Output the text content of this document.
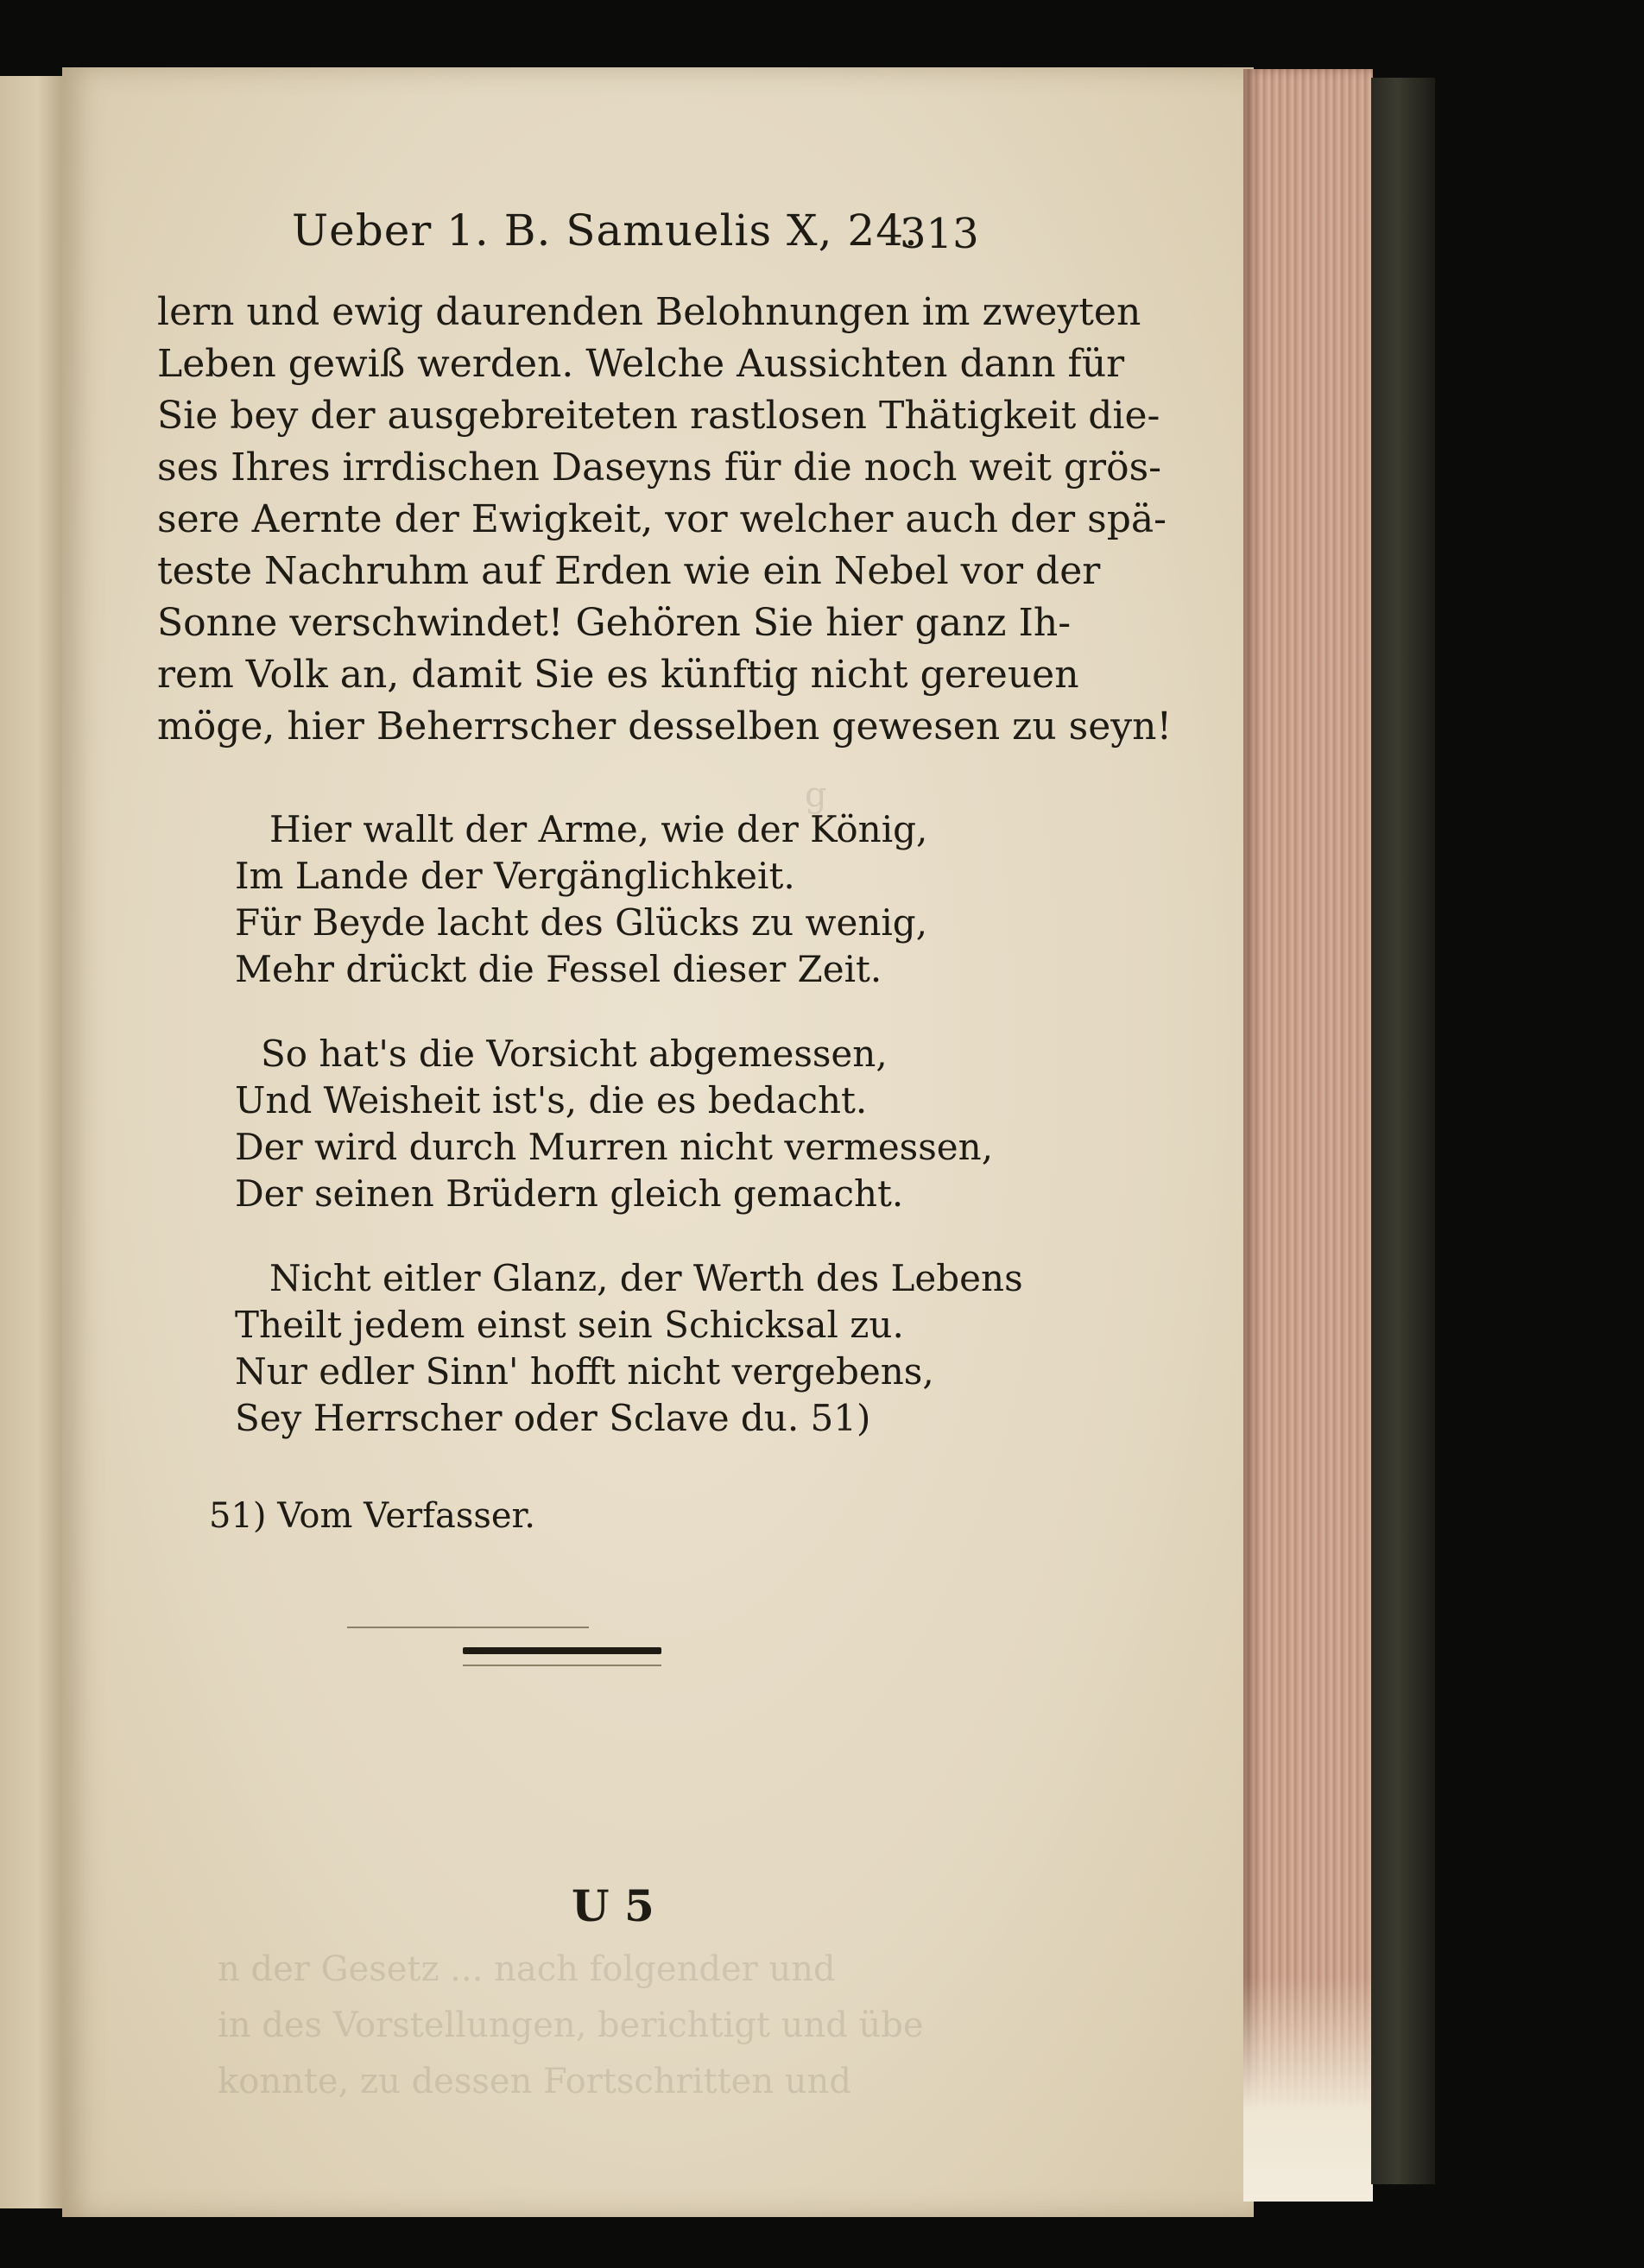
g
n der Gesetz ... nach folgender und
in des Vorstellungen, berichtigt und übe
konnte, zu dessen Fortschritten und
Ueber 1. B. Samuelis X, 24.
313
lern und ewig daurenden Belohnungen im zweyten
Leben gewiß werden. Welche Aussichten dann für
Sie bey der ausgebreiteten rastlosen Thätigkeit die-
ses Ihres irrdischen Daseyns für die noch weit grös-
sere Aernte der Ewigkeit, vor welcher auch der spä-
teste Nachruhm auf Erden wie ein Nebel vor der
Sonne verschwindet! Gehören Sie hier ganz Ih-
rem Volk an, damit Sie es künftig nicht gereuen
möge, hier Beherrscher desselben gewesen zu seyn!
Hier wallt der Arme, wie der König,
Im Lande der Vergänglichkeit.
Für Beyde lacht des Glücks zu wenig,
Mehr drückt die Fessel dieser Zeit.
So hat's die Vorsicht abgemessen,
Und Weisheit ist's, die es bedacht.
Der wird durch Murren nicht vermessen,
Der seinen Brüdern gleich gemacht.
Nicht eitler Glanz, der Werth des Lebens
Theilt jedem einst sein Schicksal zu.
Nur edler Sinn' hofft nicht vergebens,
Sey Herrscher oder Sclave du. 51)
51) Vom Verfasser.
U 5
